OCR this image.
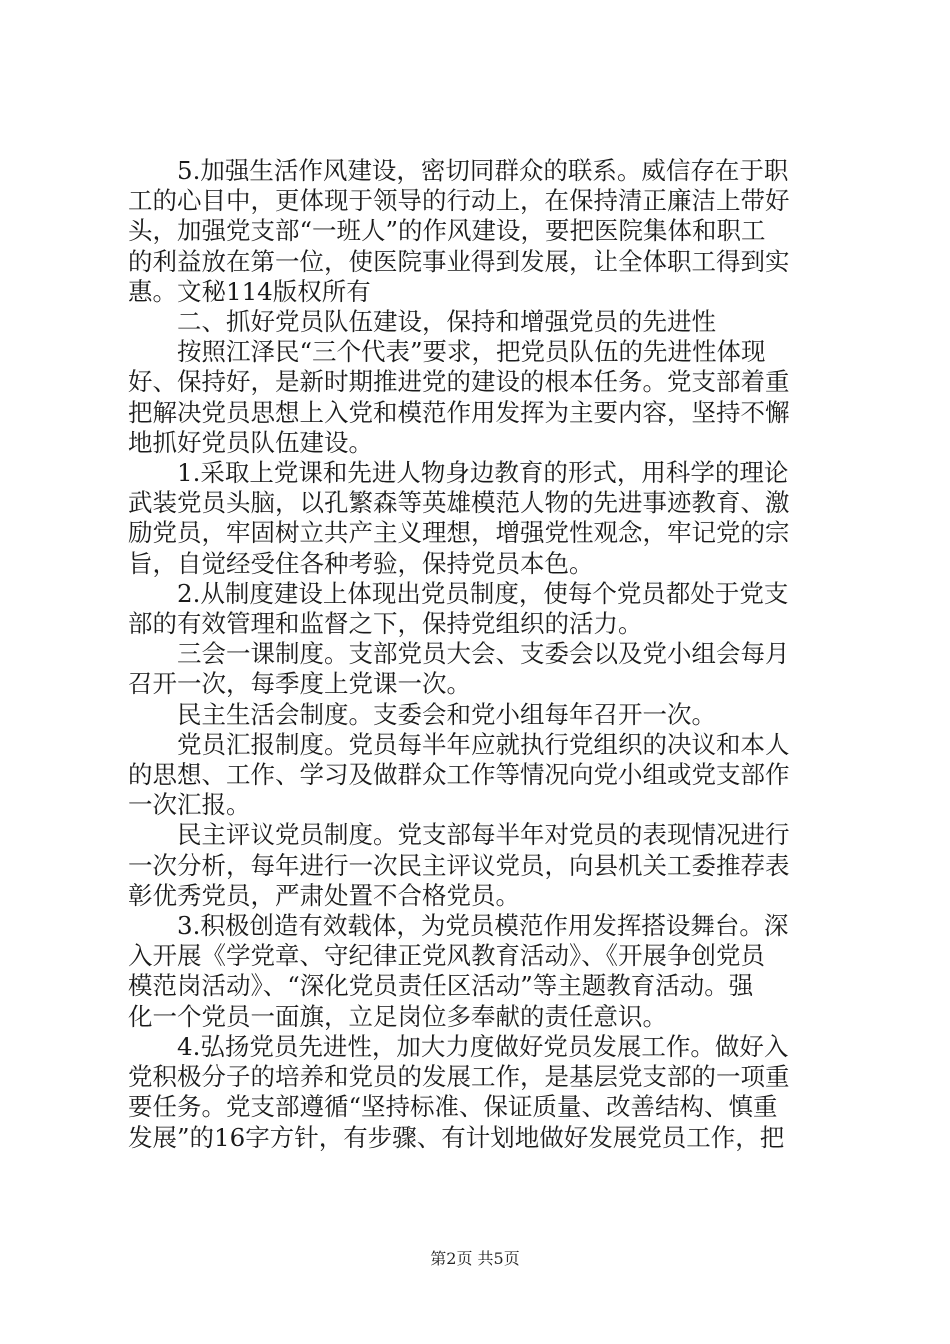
5.加强生活作风建设，密切同群众的联系。威信存在于职
工的心目中，更体现于领导的行动上，在保持清正廉洁上带好
头，加强党支部“一班人”的作风建设，要把医院集体和职工
的利益放在第一位，使医院事业得到发展，让全体职工得到实
惠。文秘114版权所有

二、抓好党员队伍建设，保持和增强党员的先进性

按照江泽民“三个代表”要求，把党员队伍的先进性体现
好、保持好，是新时期推进党的建设的根本任务。党支部着重
把解决党员思想上入党和模范作用发挥为主要内容，坚持不懈
地抓好党员队伍建设。

1.采取上党课和先进人物身边教育的形式，用科学的理论
武装党员头脑，以孔繁森等英雄模范人物的先进事迹教育、激
励党员，牢固树立共产主义理想，增强党性观念，牢记党的宗
旨，自觉经受住各种考验，保持党员本色。

2.从制度建设上体现出党员制度，使每个党员都处于党支
部的有效管理和监督之下，保持党组织的活力。

三会一课制度。支部党员大会、支委会以及党小组会每月
召开一次，每季度上党课一次。

民主生活会制度。支委会和党小组每年召开一次。

党员汇报制度。党员每半年应就执行党组织的决议和本人
的思想、工作、学习及做群众工作等情况向党小组或党支部作
一次汇报。

民主评议党员制度。党支部每半年对党员的表现情况进行
一次分析，每年进行一次民主评议党员，向县机关工委推荐表
彰优秀党员，严肃处置不合格党员。

3.积极创造有效载体，为党员模范作用发挥搭设舞台。深
入开展《学党章、守纪律正党风教育活动》、《开展争创党员
模范岗活动》、“深化党员责任区活动”等主题教育活动。强
化一个党员一面旗，立足岗位多奉献的责任意识。

4.弘扬党员先进性，加大力度做好党员发展工作。做好入
党积极分子的培养和党员的发展工作，是基层党支部的一项重
要任务。党支部遵循“坚持标准、保证质量、改善结构、慎重
发展”的16字方针，有步骤、有计划地做好发展党员工作，把

第2页 共5页
